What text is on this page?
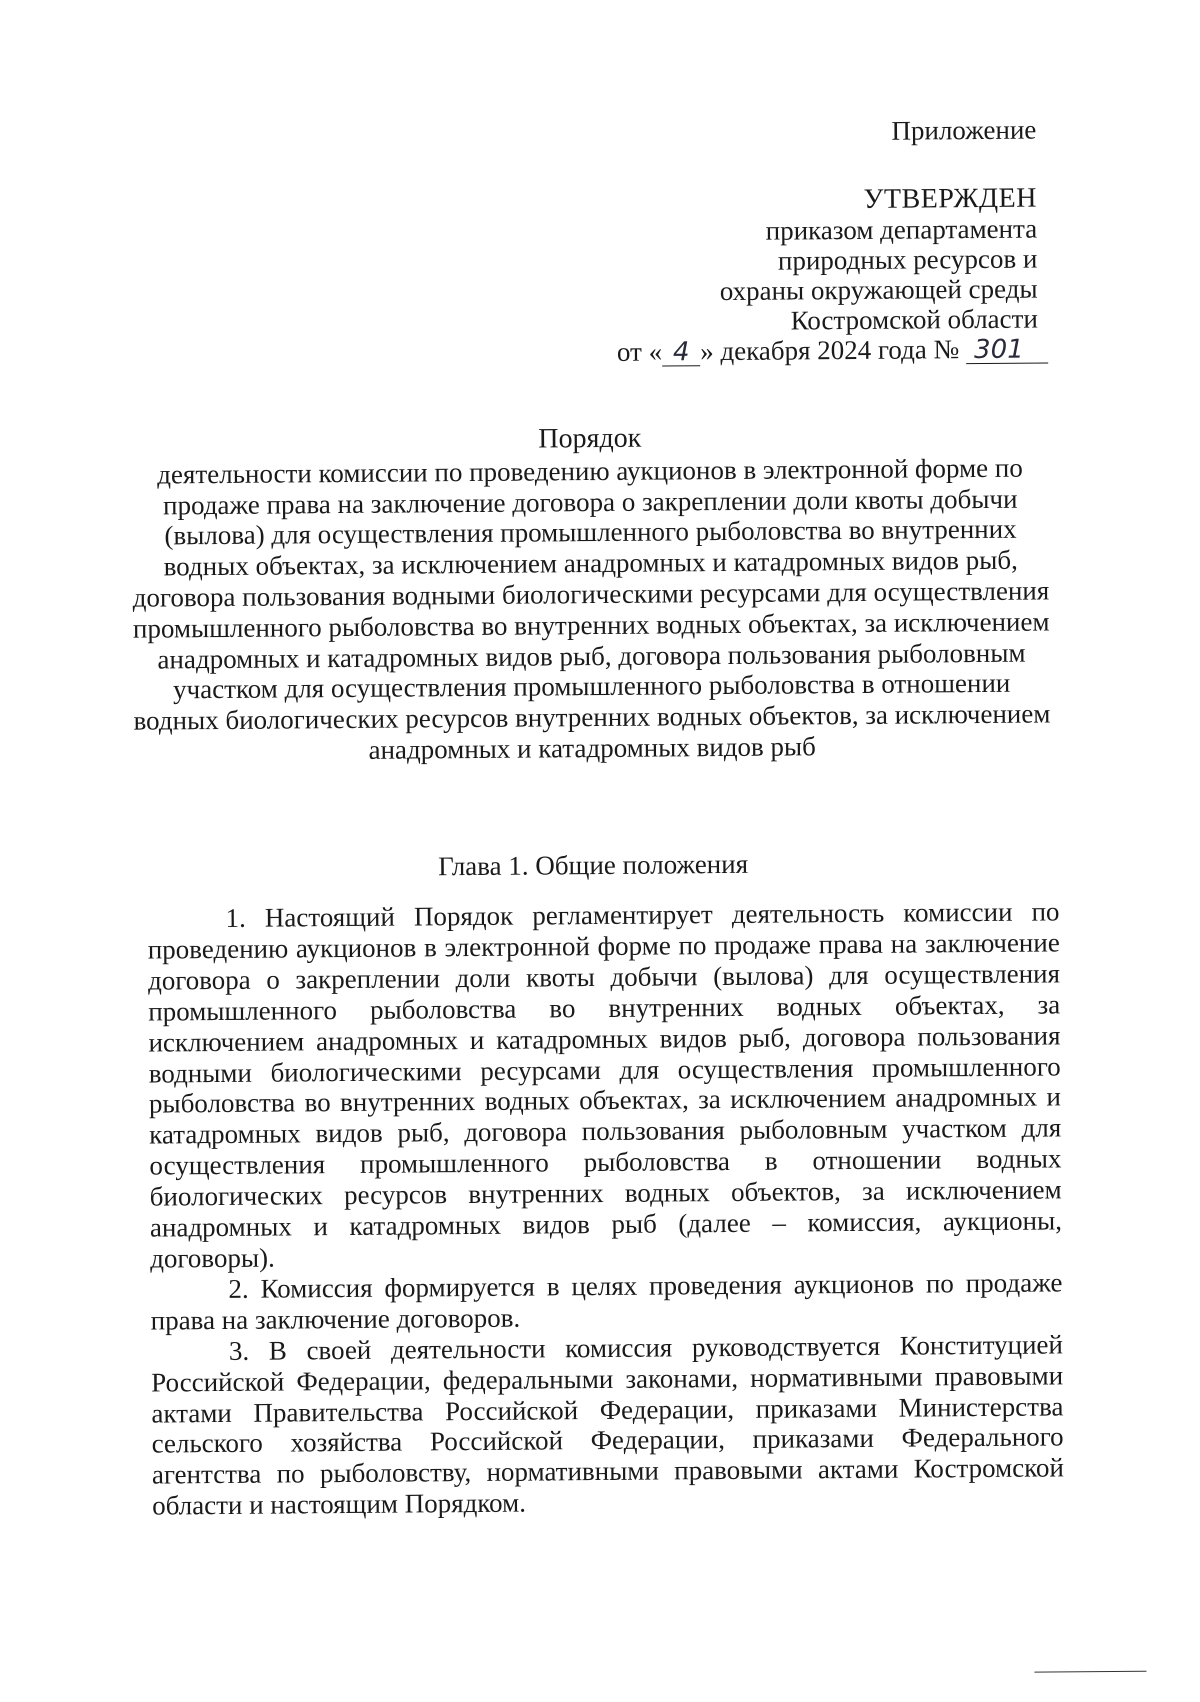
Приложение
УТВЕРЖДЕН
приказом департамента
природных ресурсов и
охраны окружающей среды
Костромской области
от « 4 » декабря 2024 года № 301
Порядок
деятельности комиссии по проведению аукционов в электронной форме по продаже права на заключение договора о закреплении доли квоты добычи (вылова) для осуществления промышленного рыболовства во внутренних водных объектах, за исключением анадромных и катадромных видов рыб, договора пользования водными биологическими ресурсами для осуществления промышленного рыболовства во внутренних водных объектах, за исключением анадромных и катадромных видов рыб, договора пользования рыболовным участком для осуществления промышленного рыболовства в отношении водных биологических ресурсов внутренних водных объектов, за исключением анадромных и катадромных видов рыб
Глава 1. Общие положения

1. Настоящий Порядок регламентирует деятельность комиссии по проведению аукционов в электронной форме по продаже права на заключение договора о закреплении доли квоты добычи (вылова) для осуществления промышленного рыболовства во внутренних водных объектах, за исключением анадромных и катадромных видов рыб, договора пользования водными биологическими ресурсами для осуществления промышленного рыболовства во внутренних водных объектах, за исключением анадромных и катадромных видов рыб, договора пользования рыболовным участком для осуществления промышленного рыболовства в отношении водных биологических ресурсов внутренних водных объектов, за исключением анадромных и катадромных видов рыб (далее – комиссия, аукционы, договоры).

2. Комиссия формируется в целях проведения аукционов по продаже права на заключение договоров.

3. В своей деятельности комиссия руководствуется Конституцией Российской Федерации, федеральными законами, нормативными правовыми актами Правительства Российской Федерации, приказами Министерства сельского хозяйства Российской Федерации, приказами Федерального агентства по рыболовству, нормативными правовыми актами Костромской области и настоящим Порядком.
